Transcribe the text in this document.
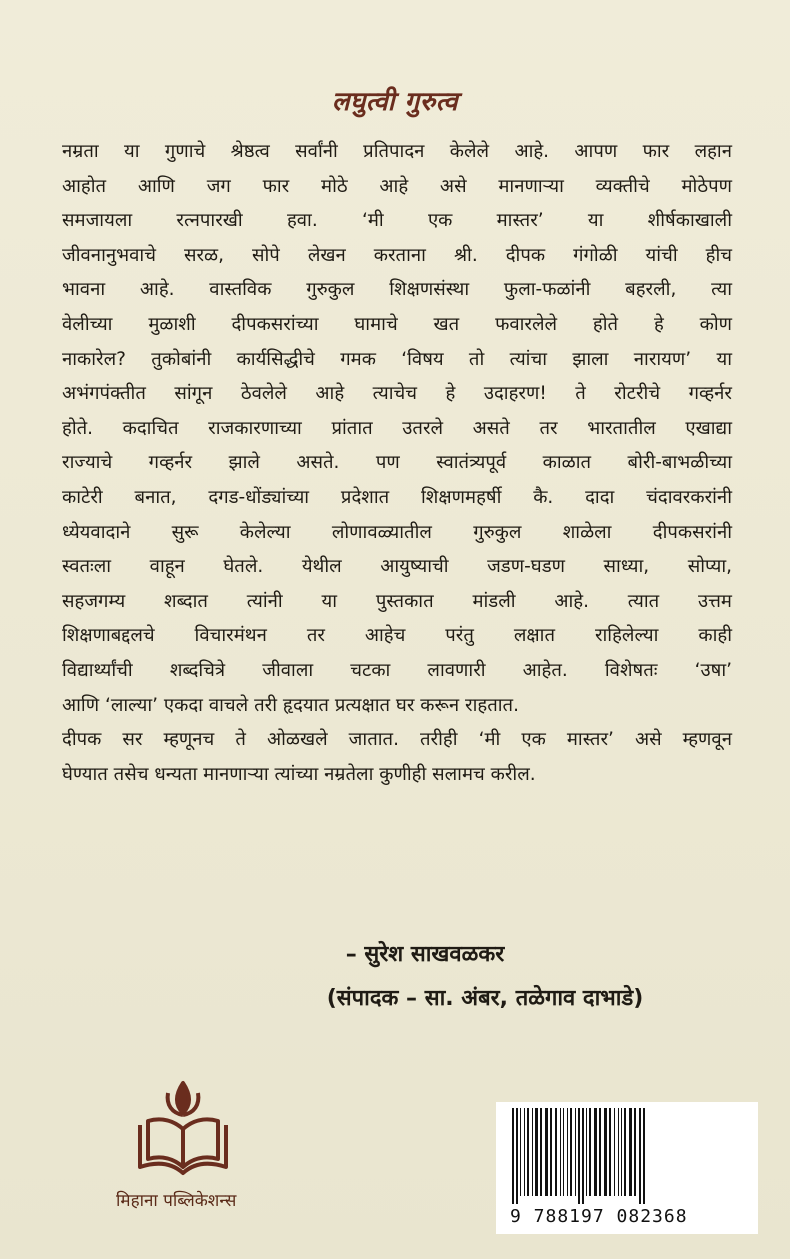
लघुत्वी गुरुत्व
नम्रता या गुणाचे श्रेष्ठत्व सर्वांनी प्रतिपादन केलेले आहे. आपण फार लहान
आहोत आणि जग फार मोठे आहे असे मानणाऱ्या व्यक्तीचे मोठेपण
समजायला रत्नपारखी हवा. ‘मी एक मास्तर’ या शीर्षकाखाली
जीवनानुभवाचे सरळ, सोपे लेखन करताना श्री. दीपक गंगोळी यांची हीच
भावना आहे. वास्तविक गुरुकुल शिक्षणसंस्था फुला-फळांनी बहरली, त्या
वेलीच्या मुळाशी दीपकसरांच्या घामाचे खत फवारलेले होते हे कोण
नाकारेल? तुकोबांनी कार्यसिद्धीचे गमक ‘विषय तो त्यांचा झाला नारायण’ या
अभंगपंक्तीत सांगून ठेवलेले आहे त्याचेच हे उदाहरण! ते रोटरीचे गव्हर्नर
होते. कदाचित राजकारणाच्या प्रांतात उतरले असते तर भारतातील एखाद्या
राज्याचे गव्हर्नर झाले असते. पण स्वातंत्र्यपूर्व काळात बोरी-बाभळीच्या
काटेरी बनात, दगड-धोंड्यांच्या प्रदेशात शिक्षणमहर्षी कै. दादा चंदावरकरांनी
ध्येयवादाने सुरू केलेल्या लोणावळ्यातील गुरुकुल शाळेला दीपकसरांनी
स्वतःला वाहून घेतले. येथील आयुष्याची जडण-घडण साध्या, सोप्या,
सहजगम्य शब्दात त्यांनी या पुस्तकात मांडली आहे. त्यात उत्तम
शिक्षणाबद्दलचे विचारमंथन तर आहेच परंतु लक्षात राहिलेल्या काही
विद्यार्थ्यांची शब्दचित्रे जीवाला चटका लावणारी आहेत. विशेषतः ‘उषा’
आणि ‘लाल्या’ एकदा वाचले तरी हृदयात प्रत्यक्षात घर करून राहतात.
दीपक सर म्हणूनच ते ओळखले जातात. तरीही ‘मी एक मास्तर’ असे म्हणवून
घेण्यात तसेच धन्यता मानणाऱ्या त्यांच्या नम्रतेला कुणीही सलामच करील.
– सुरेश साखवळकर
(संपादक – सा. अंबर, तळेगाव दाभाडे)
मिहाना पब्लिकेशन्स
9 788197 082368
